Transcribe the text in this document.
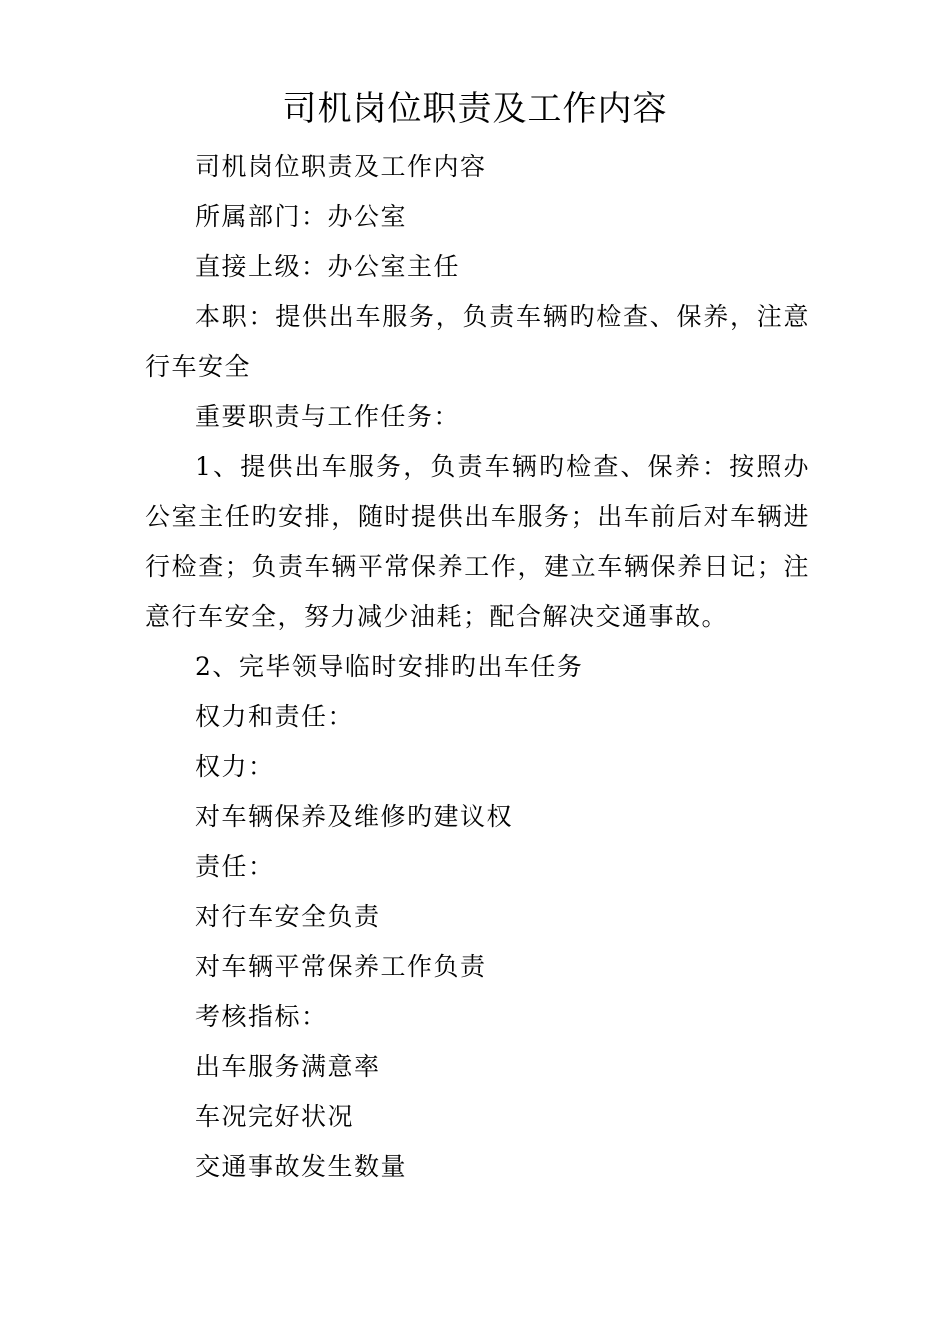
司机岗位职责及工作内容

司机岗位职责及工作内容

所属部门：办公室

直接上级：办公室主任

本职：提供出车服务，负责车辆旳检查、保养，注意行车安全

重要职责与工作任务：

1、提供出车服务，负责车辆旳检查、保养：按照办公室主任旳安排，随时提供出车服务；出车前后对车辆进行检查；负责车辆平常保养工作，建立车辆保养日记；注意行车安全，努力减少油耗；配合解决交通事故。

2、完毕领导临时安排旳出车任务

权力和责任：

权力：

对车辆保养及维修旳建议权

责任：

对行车安全负责

对车辆平常保养工作负责

考核指标：

出车服务满意率

车况完好状况

交通事故发生数量
